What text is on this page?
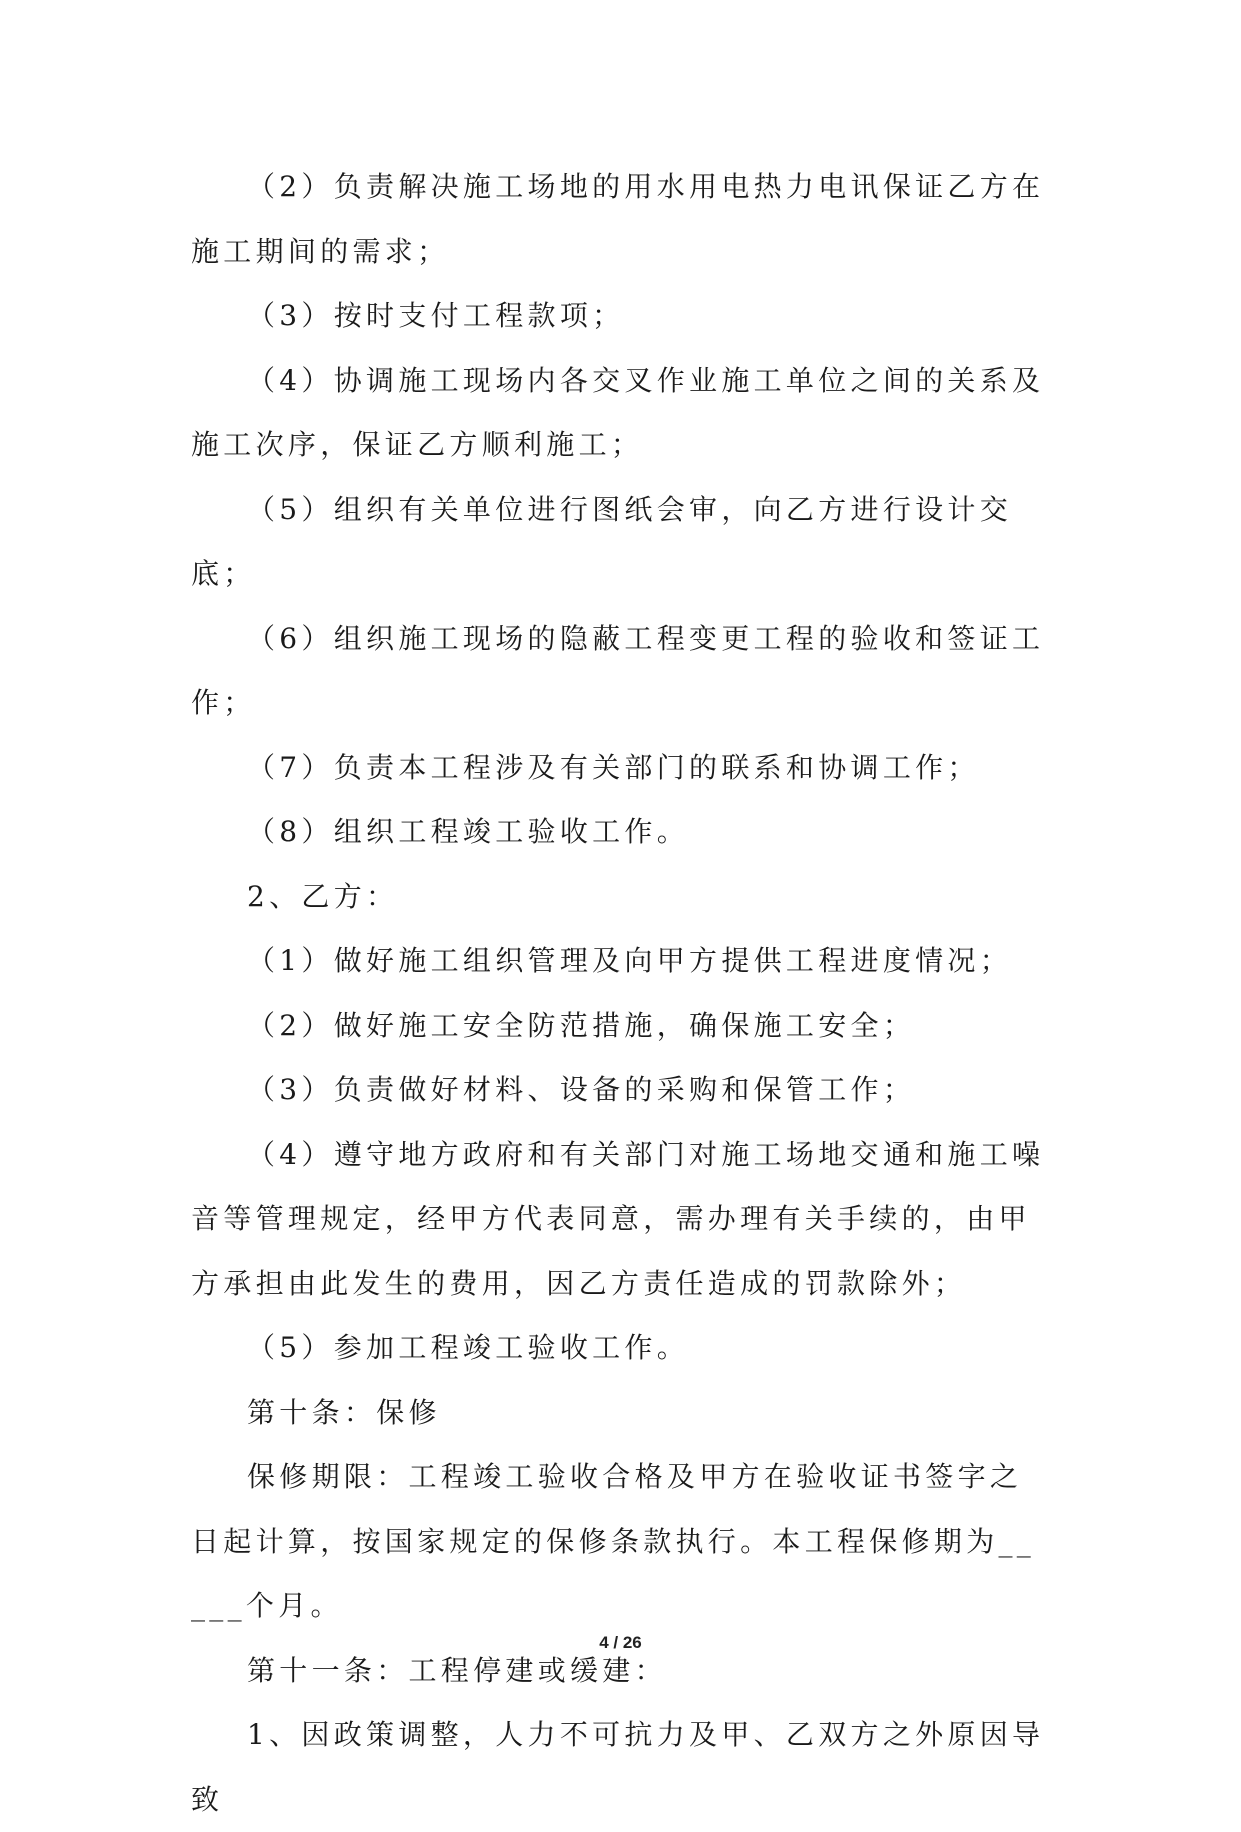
（2）负责解决施工场地的用水用电热力电讯保证乙方在施工期间的需求；

（3）按时支付工程款项；

（4）协调施工现场内各交叉作业施工单位之间的关系及施工次序，保证乙方顺利施工；

（5）组织有关单位进行图纸会审，向乙方进行设计交底；

（6）组织施工现场的隐蔽工程变更工程的验收和签证工作；

（7）负责本工程涉及有关部门的联系和协调工作；

（8）组织工程竣工验收工作。

2、乙方：

（1）做好施工组织管理及向甲方提供工程进度情况；

（2）做好施工安全防范措施，确保施工安全；

（3）负责做好材料、设备的采购和保管工作；

（4）遵守地方政府和有关部门对施工场地交通和施工噪音等管理规定，经甲方代表同意，需办理有关手续的，由甲方承担由此发生的费用，因乙方责任造成的罚款除外；

（5）参加工程竣工验收工作。

第十条：保修

保修期限：工程竣工验收合格及甲方在验收证书签字之日起计算，按国家规定的保修条款执行。本工程保修期为_____个月。

第十一条：工程停建或缓建：

1、因政策调整，人力不可抗力及甲、乙双方之外原因导致

4 / 26
